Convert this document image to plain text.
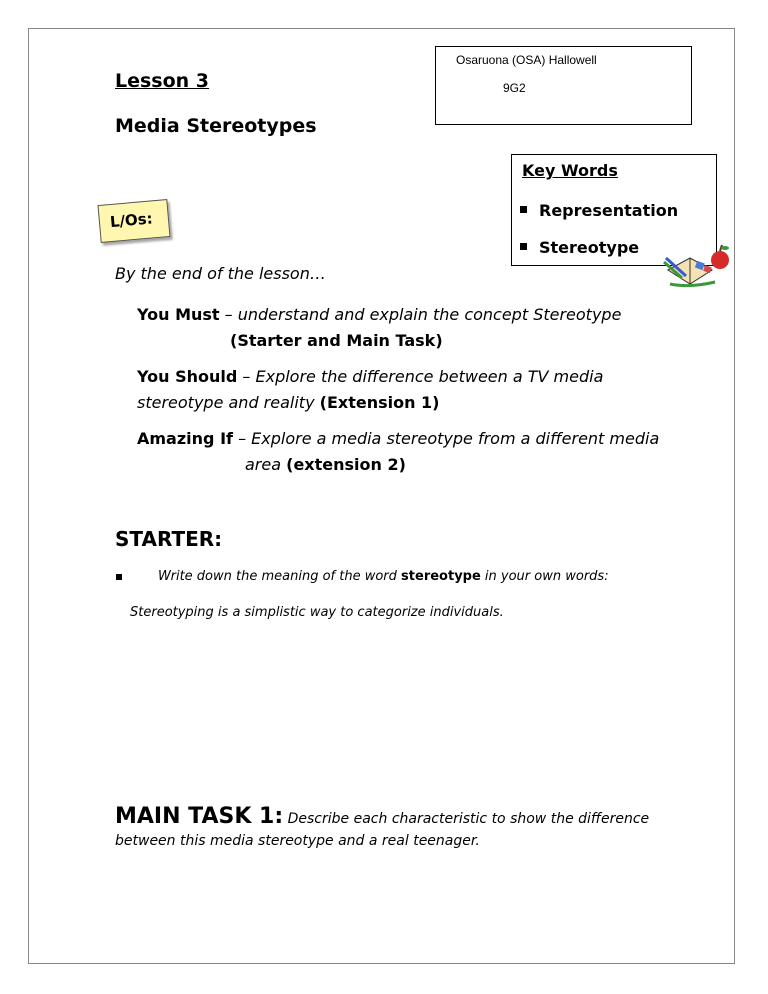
Osaruona (OSA) Hallowell
9G2
Lesson 3
Media Stereotypes
Key Words
Representation
Stereotype
L/Os:
By the end of the lesson…
You Must – understand and explain the concept Stereotype
(Starter and Main Task)
You Should – Explore the difference between a TV media
stereotype and reality (Extension 1)
Amazing If – Explore a media stereotype from a different media
area (extension 2)
STARTER:
Write down the meaning of the word stereotype in your own words:
Stereotyping is a simplistic way to categorize individuals.
MAIN TASK 1: Describe each characteristic to show the difference
between this media stereotype and a real teenager.
